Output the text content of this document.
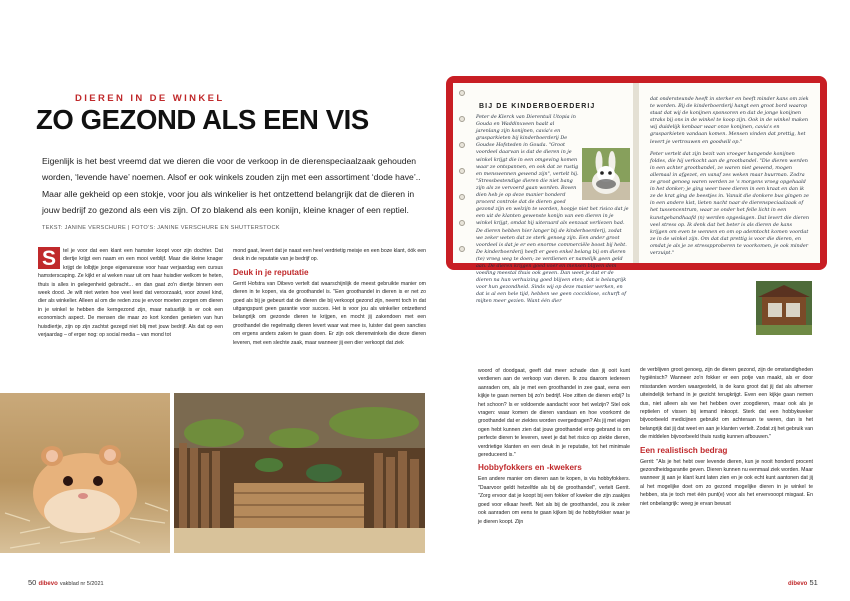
DIEREN IN DE WINKEL
ZO GEZOND ALS EEN VIS
Eigenlijk is het best vreemd dat we dieren die voor de verkoop in de dierenspeciaalzaak gehouden worden, ‘levende have’ noemen. Alsof er ook winkels zouden zijn met een assortiment ‘dode have’.. Maar alle gekheid op een stokje, voor jou als winkelier is het ontzettend belangrijk dat de dieren in jouw bedrijf zo gezond als een vis zijn. Of zo blakend als een konijn, kleine knager of een reptiel.
TEKST: JANINE VERSCHURE | FOTO'S: JANINE VERSCHURE EN SHUTTERSTOCK
S	tel je voor dat een klant een hamster koopt voor zijn dochter. Dat diertje krijgt een naam en een mooi verblijf. Maar die kleine knager krijgt de lolbjtje jonge eigenaresse voor haar verjaardag een cursus hamsterscaping. Ze kijkt er al weken naar uit om haar huisdier welkom te heten, thuis is alles in gelegenheid gebracht... en dan gaat zo'n diertje binnen een week dood. Je wilt niet weten hoe veel leed dat veroorzaakt, voor zowel kind, dier als winkelier. Alleen al om die reden zou je ervoor moeten zorgen om dieren in je winkel te hebben die kerngezond zijn, maar natuurlijk is er ook een economisch aspect. De mensen die maar zo kort konden genieten van hun huisdiertje, zijn op zijn zachtst gezegd niet blij met jouw bedrijf. Als dat op een verjaardag – of erger nog: op social media – van mond tot

mond gaat, levert dat je naast een heel verdrietig meisje en een boze klant, óók een deuk in de reputatie van je bedrijf op.

Deuk in je reputatie

Gerrit Hofstra van Dibevo vertelt dat waarschijnlijk de meest gebruikte manier om dieren in te kopen, via de groothandel is. "Een groothandel in dieren is er net zo goed als bij je gebeurt dat de dieren die bij verkoopt gezond zijn, neemt toch in dat uitgangspunt geen garantie voor succes. Het is voor jou als winkelier ontzettend belangrijk om gezonde dieren te krijgen, en mocht jij zakendoen met een groothandel die regelmatig dieren levert waar wat mee is, luister dat geen sancties om ergens anders zaken te gaan doen. Er zijn ook dierenwinkels die deze dieren leveren, met een slechte zaak, maar wanneer jij een dier verkoopt dat ziek

50 dibevo vakblad nr 5/2021
BIJ DE KINDERBOERDERIJ

Peter de Klerck van Dierentuil Utopia in Gouda en Waddinxveen haalt al jarenlang zijn konijnen, cavia's en grasparkieten bij kinderboerderij De Goudse Hofsteden in Gouda. "Groot voordeel daarvan is dat de dieren in je winkel krijgt die in een omgeving komen waar ze ontspannen, en ook dat ze rustig en menswennen gewend zijn", vertelt hij. "Stressbestendige dieren die niet bang zijn als ze vervoerd gaan worden. Boven dien heb je op deze manier honderd procent controle dat de dieren goed gezond zijn en welzijn te worden, hoopje niet het risico dat je een uit de klanten gewenste konijn van een dieren in je winkel krijgt, omdat hij uiteraard als eenzaat verliezen had. De dieren hebben hier langer bij de kinderboerderij, zodat we zeker weten dat ze sterk genoeg zijn. Een ander groot voordeel is dat je er een enorme commerciële boost bij hebt. De kinderboerderij heeft er geen enkel belang bij om dieren (te) vroeg weg te doen; ze verdienen er namelijk geen geld aan. De dieren krijgen goed voer en mensen blijven dem voeding meestal thuis ook geven. Dan weet je dat er de dieren na hun verhuizing goed blijven eten; dat is belangrijk voor hun gezondheid. Sinds wij op deze manier werken, en dat is al een hele tijd, hebben we geen coccidiose, schurft of mijten meer gezien. Want één dier

dat ondersteunde heeft in sterker en heeft minder kans om ziek te worden. Bij de kinderboerderij hangt een groot bord waarop staat dat wij de konijnen sponsoren en dat de jonge konijnen straks bij ons in de winkel te koop zijn. Ook in de winkel maken wij duidelijk kenbaar waar onze konijnen, cavia's en grasparkieten vandaan komen. Mensen vinden dat prettig, het levert je vertrouwen en goodwill op."

Peter vertelt dat zijn bezit van vroeger hangende konijnen foldes, die hij verkocht aan de groothandel. "Die dieren werden in een achter groothandel, ze waren niet gewend, mogen allemaal in afgezet, en vanaf zes weken maar buurman. Zodra ze groot genoeg waren werden ze 's morgens vroeg opgehaald in het donker; je ging weer twee dieren in een kraat en dan ik ze de krat ging de beestjes in. Vanuit die donkere bus gingen ze in een andere kist, lieten nacht naar de dierenspeciaalzaak of het tussencentrum, waar ze onder het felle licht in een kunstgehandhaafd (n) werden opgeslagen. Dat levert die dieren veel stress op. Ik denk dat het beter is als dieren de kans krijgen om even te wennen en om op ademtocht komen voordat ze in de winkel zijn. Om dat dat prettig is voor die dieren, en omdat je als je ze stresspproberen te voorkomen, je ook minder verzuipt."

woord of doodgaat, geeft dat meer schade dan jij ooit kunt verdienen aan de verkoop van dieren. Ik zou daarom iedereen aanraden om, als je met een groothandel in zee gaat, eens een kijkje te gaan nemen bij zo'n bedrijf. Hoe zitten de dieren erbij? Is het schoon? Is er voldoende aandacht voor het welzijn? Stel ook vragen: waar komen de dieren vandaan en hoe voorkomt de groothandel dat er ziektes worden overgedragen? Als jij met eigen ogen hebt kunnen zien dat jouw groothandel erop gebrand is om perfecte dieren te leveren, weet je dat het risico op ziekte dieren, verdrietige klanten en een deuk in je reputatie, tot het minimale gereduceerd is."

Hobbyfokkers en -kwekers

Een andere manier om dieren aan te kopen, is via hobbyfokkers. "Daarvoor geldt hetzelfde als bij de groothandel", vertelt Gerrit. "Zorg ervoor dat je koopt bij een fokker of kweker die zijn zaakjes goed voor elkaar heeft. Net als bij de groothandel, zou ik zeker ook aanraden om eens te gaan kijken bij de hobbyfokker waar je je dieren koopt. Zijn

de verblijven groot genoeg, zijn de dieren gezond, zijn de omstandigheden hygiënisch? Wanneer zo'n fokker er een potje van maakt, als er door misstanden worden waargesteld, is de kans groot dat jij dat als afnemer uiteindelijk terhand in je gezicht terugkrijgt. Even een kijkje gaan nemen dus, niet alleen als we het hebben over zoogdieren, maar ook als je reptielen of vissen bij iemand inkoopt. Sterk dat een hobbykweker bijvoorbeeld medicijnen gebruikt om achteraan te weren, dan is het belangrijk dat jij dat weet en aan je klanten vertelt. Zodat zij het gebruik van die middelen bijvoorbeeld thuis rustig kunnen afbouwen."

Een realistisch bedrag

Gerrit: "Als je het hebt over levende dieren, kun je nooit honderd procent gezondheidsgarantie geven. Dieren kunnen nu eenmaal ziek worden. Maar wanneer jij aan je klant kunt laten zien en je ook echt kunt aantonen dat jij al het mogelijke doet om zo gezond mogelijke dieren in je winkel te hebben, sta je toch met één punt(e) voor als het ervervooopt misgaat. En niet onbelangrijk: weeg je ervan bewust

dibevo 51
